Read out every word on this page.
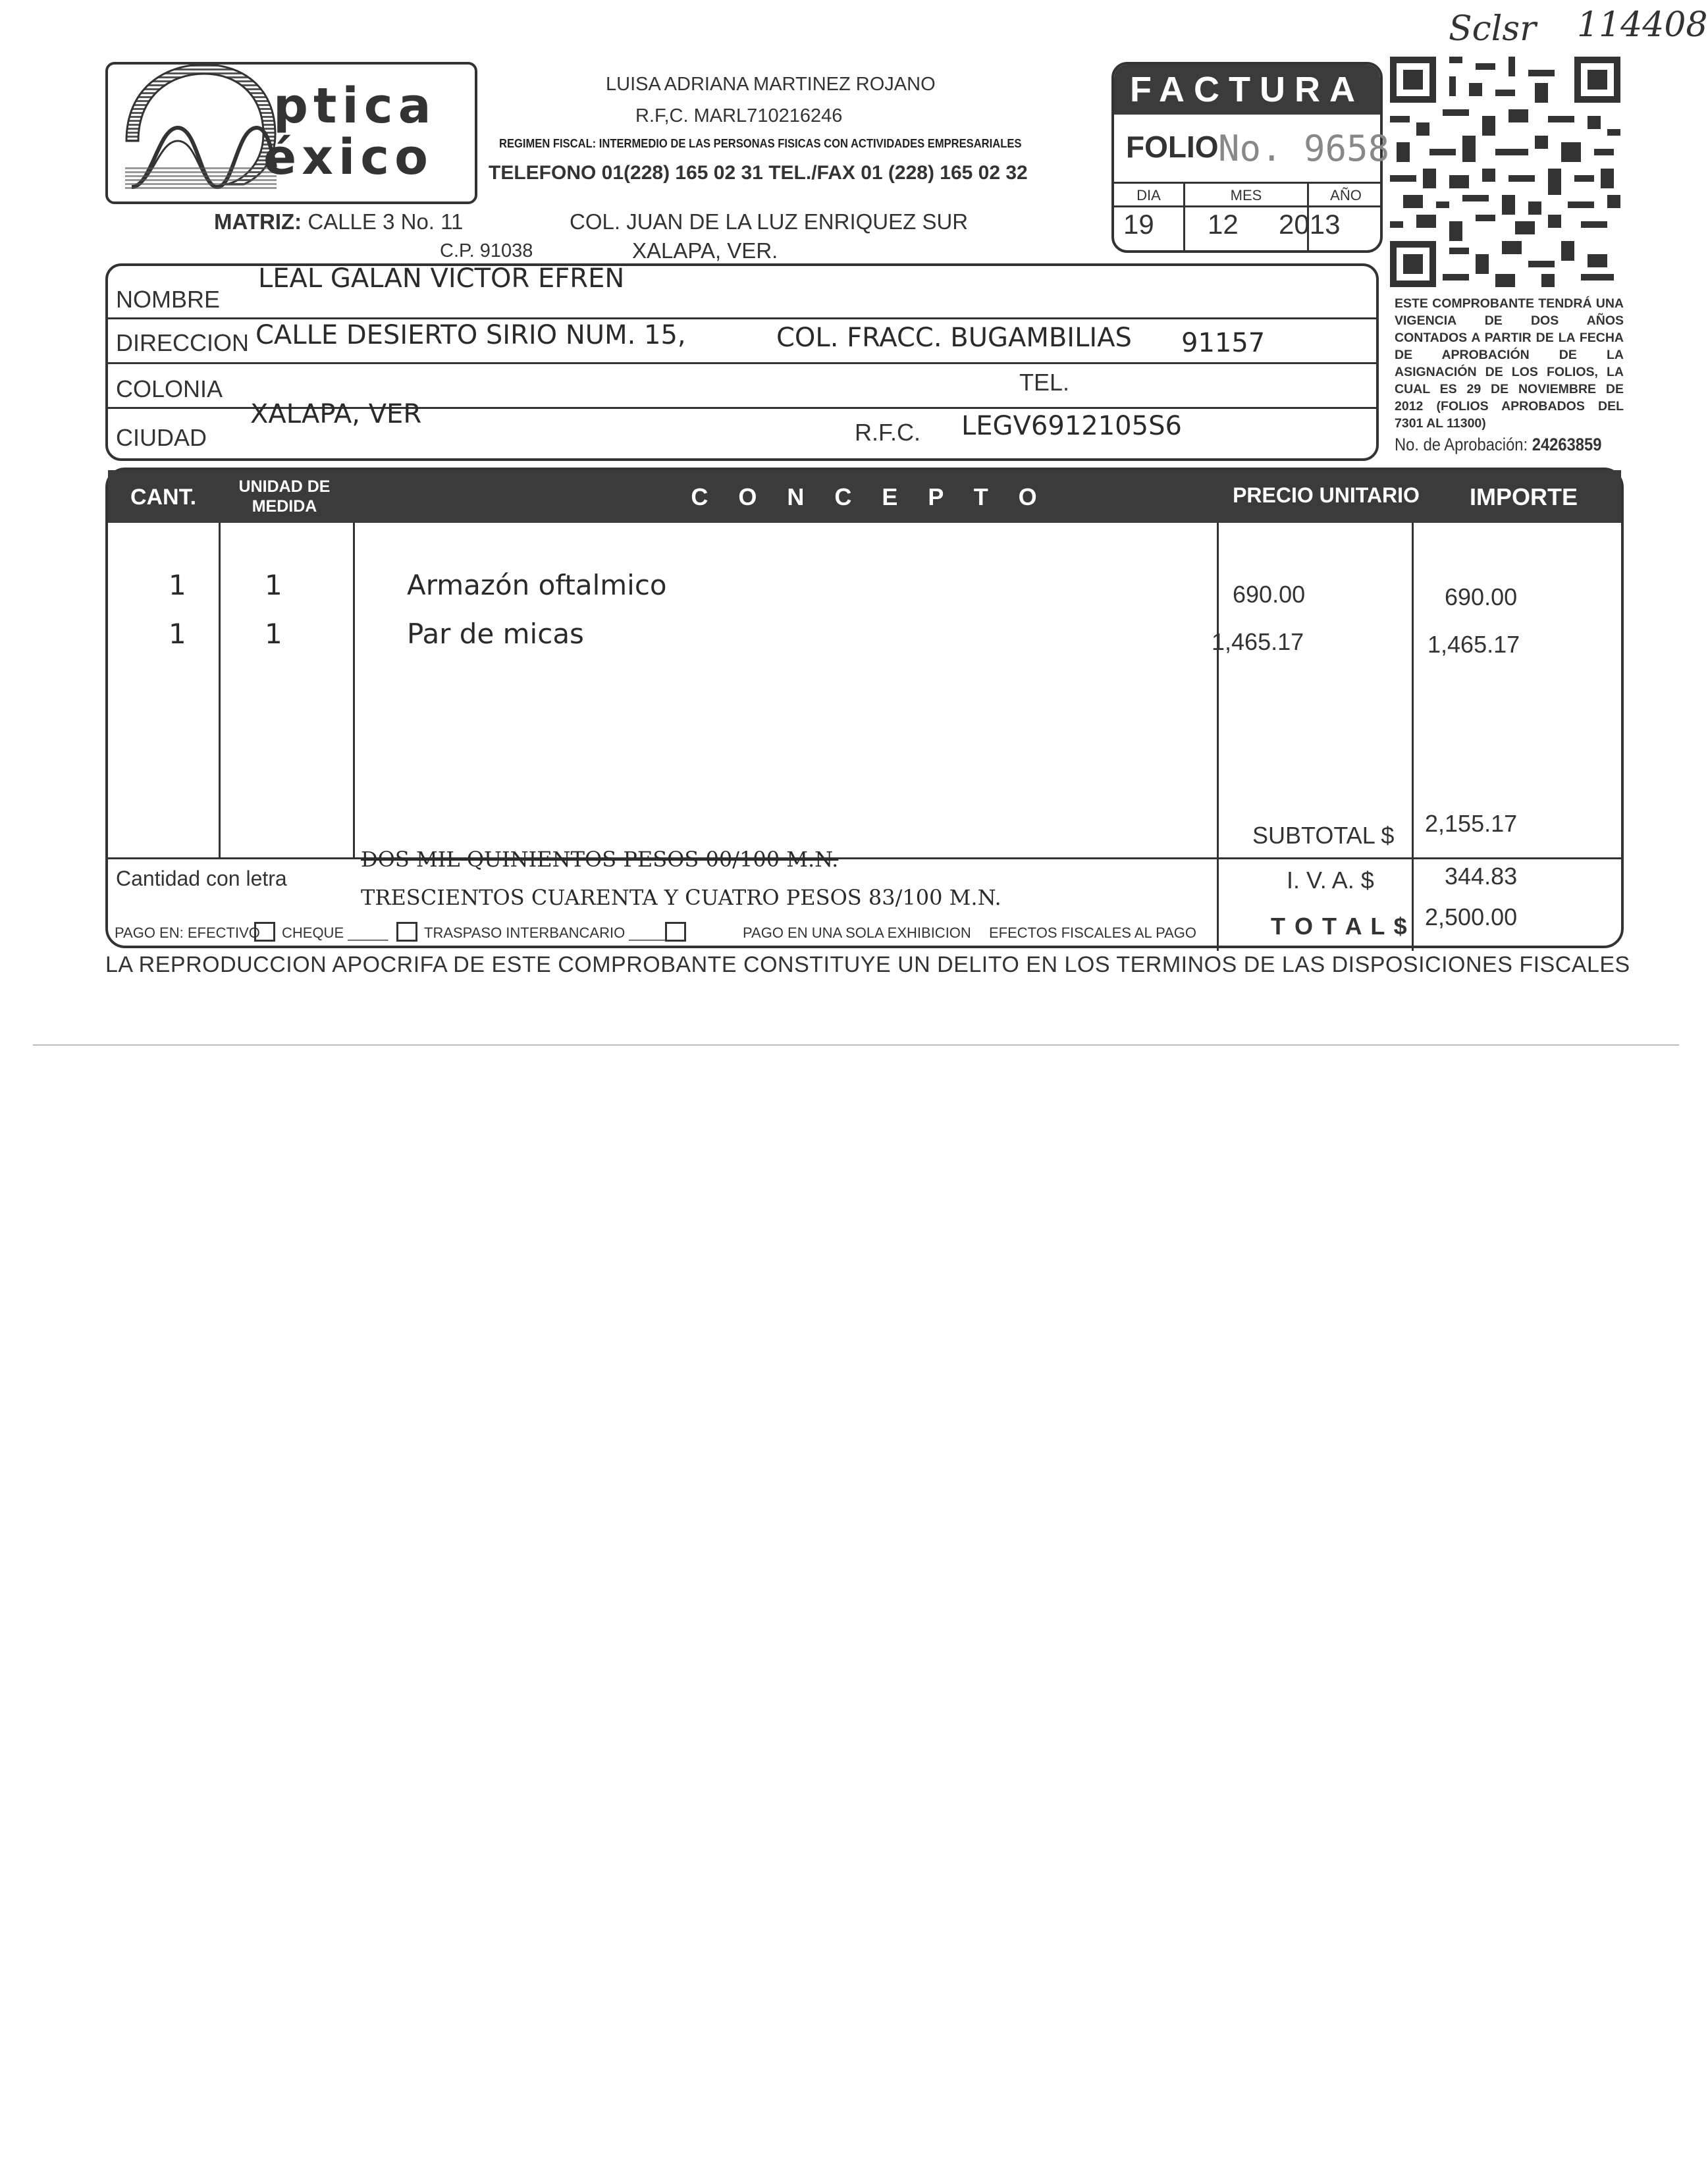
Sclsr 114408
ptica
éxico
LUISA ADRIANA MARTINEZ ROJANO
R.F,C. MARL710216246
REGIMEN FISCAL: INTERMEDIO DE LAS PERSONAS FISICAS CON ACTIVIDADES EMPRESARIALES
TELEFONO 01(228) 165 02 31 TEL./FAX 01 (228) 165 02 32
MATRIZ: CALLE 3 No. 11	COL. JUAN DE LA LUZ ENRIQUEZ SUR
C.P. 91038	XALAPA, VER.
FACTURA
FOLIO No. 9658
DIA
19
MES
12
AÑO
2013
ESTE COMPROBANTE TENDRÁ UNA VIGENCIA DE DOS AÑOS CONTADOS A PARTIR DE LA FECHA DE APROBACIÓN DE LA ASIGNACIÓN DE LOS FOLIOS, LA CUAL ES 29 DE NOVIEMBRE DE 2012 (FOLIOS APROBADOS DEL 7301 AL 11300)
No. de Aprobación: 24263859
NOMBRE
LEAL GALAN VICTOR EFREN
DIRECCION CALLE DESIERTO SIRIO NUM. 15,	COL. FRACC. BUGAMBILIAS 91157
COLONIA	TEL.
CIUDAD
XALAPA, VER
R.F.C. LEGV6912105S6
CANT.	UNIDAD DE MEDIDA	C O N C E P T O	PRECIO UNITARIO	IMPORTE
1	1	Armazón oftalmico	690.00	690.00
1	1	Par de micas	1,465.17	1,465.17
SUBTOTAL $ 2,155.17
I. V. A. $	344.83
T O T A L $ 2,500.00
Cantidad con letra
DOS MIL QUINIENTOS PESOS 00/100 M.N.
TRESCIENTOS CUARENTA Y CUATRO PESOS 83/100 M.N.
PAGO EN: EFECTIVO CHEQUE _____ TRASPASO INTERBANCARIO _____	PAGO EN UNA SOLA EXHIBICION EFECTOS FISCALES AL PAGO
LA REPRODUCCION APOCRIFA DE ESTE COMPROBANTE CONSTITUYE UN DELITO EN LOS TERMINOS DE LAS DISPOSICIONES FISCALES
